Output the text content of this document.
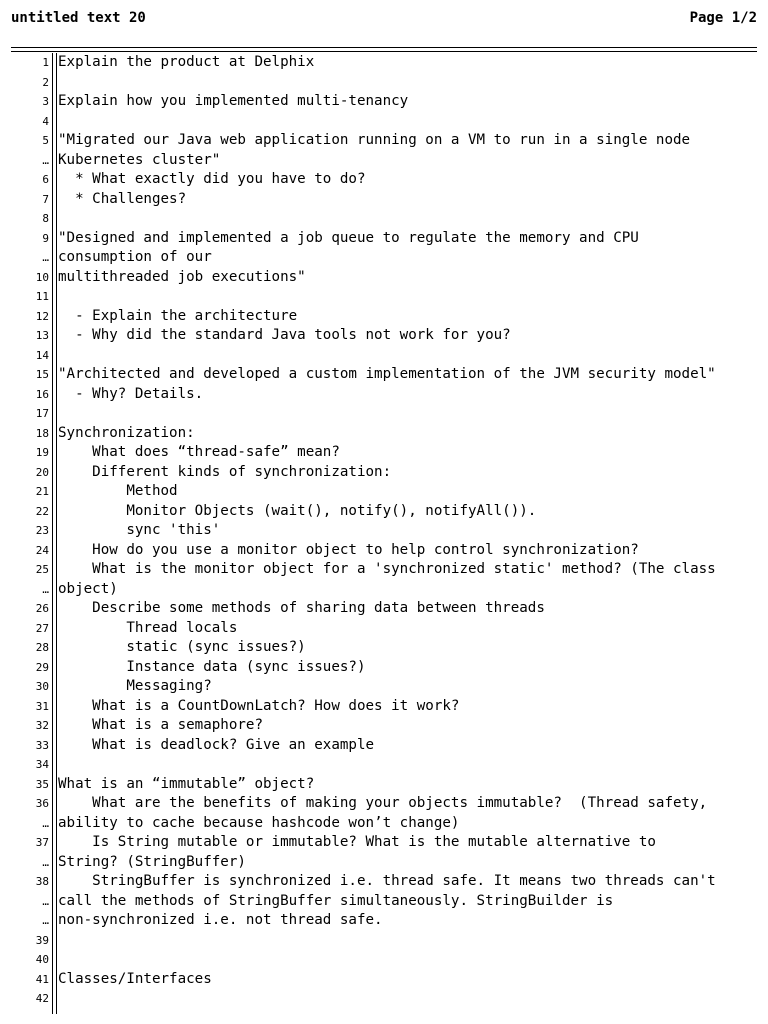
untitled text 20	Page 1/2
1 Explain the product at Delphix
2
3 Explain how you implemented multi-tenancy
4
5 "Migrated our Java web application running on a VM to run in a single node
… Kubernetes cluster"
6 * What exactly did you have to do?
7 * Challenges?
8
9 "Designed and implemented a job queue to regulate the memory and CPU
… consumption of our
10 multithreaded job executions"
11
12 - Explain the architecture
13 - Why did the standard Java tools not work for you?
14
15 "Architected and developed a custom implementation of the JVM security model"
16 - Why? Details.
17
18 Synchronization:
19 What does “thread-safe” mean?
20 Different kinds of synchronization:
21 Method
22 Monitor Objects (wait(), notify(), notifyAll()).
23 sync 'this'
24 How do you use a monitor object to help control synchronization?
25 What is the monitor object for a 'synchronized static' method? (The class
… object)
26 Describe some methods of sharing data between threads
27 Thread locals
28 static (sync issues?)
29 Instance data (sync issues?)
30 Messaging?
31 What is a CountDownLatch? How does it work?
32 What is a semaphore?
33 What is deadlock? Give an example
34
35 What is an “immutable” object?
36 What are the benefits of making your objects immutable?  (Thread safety,
… ability to cache because hashcode won’t change)
37 Is String mutable or immutable? What is the mutable alternative to
… String? (StringBuffer)
38 StringBuffer is synchronized i.e. thread safe. It means two threads can't
… call the methods of StringBuffer simultaneously. StringBuilder is
… non-synchronized i.e. not thread safe.
39
40
41 Classes/Interfaces
42
